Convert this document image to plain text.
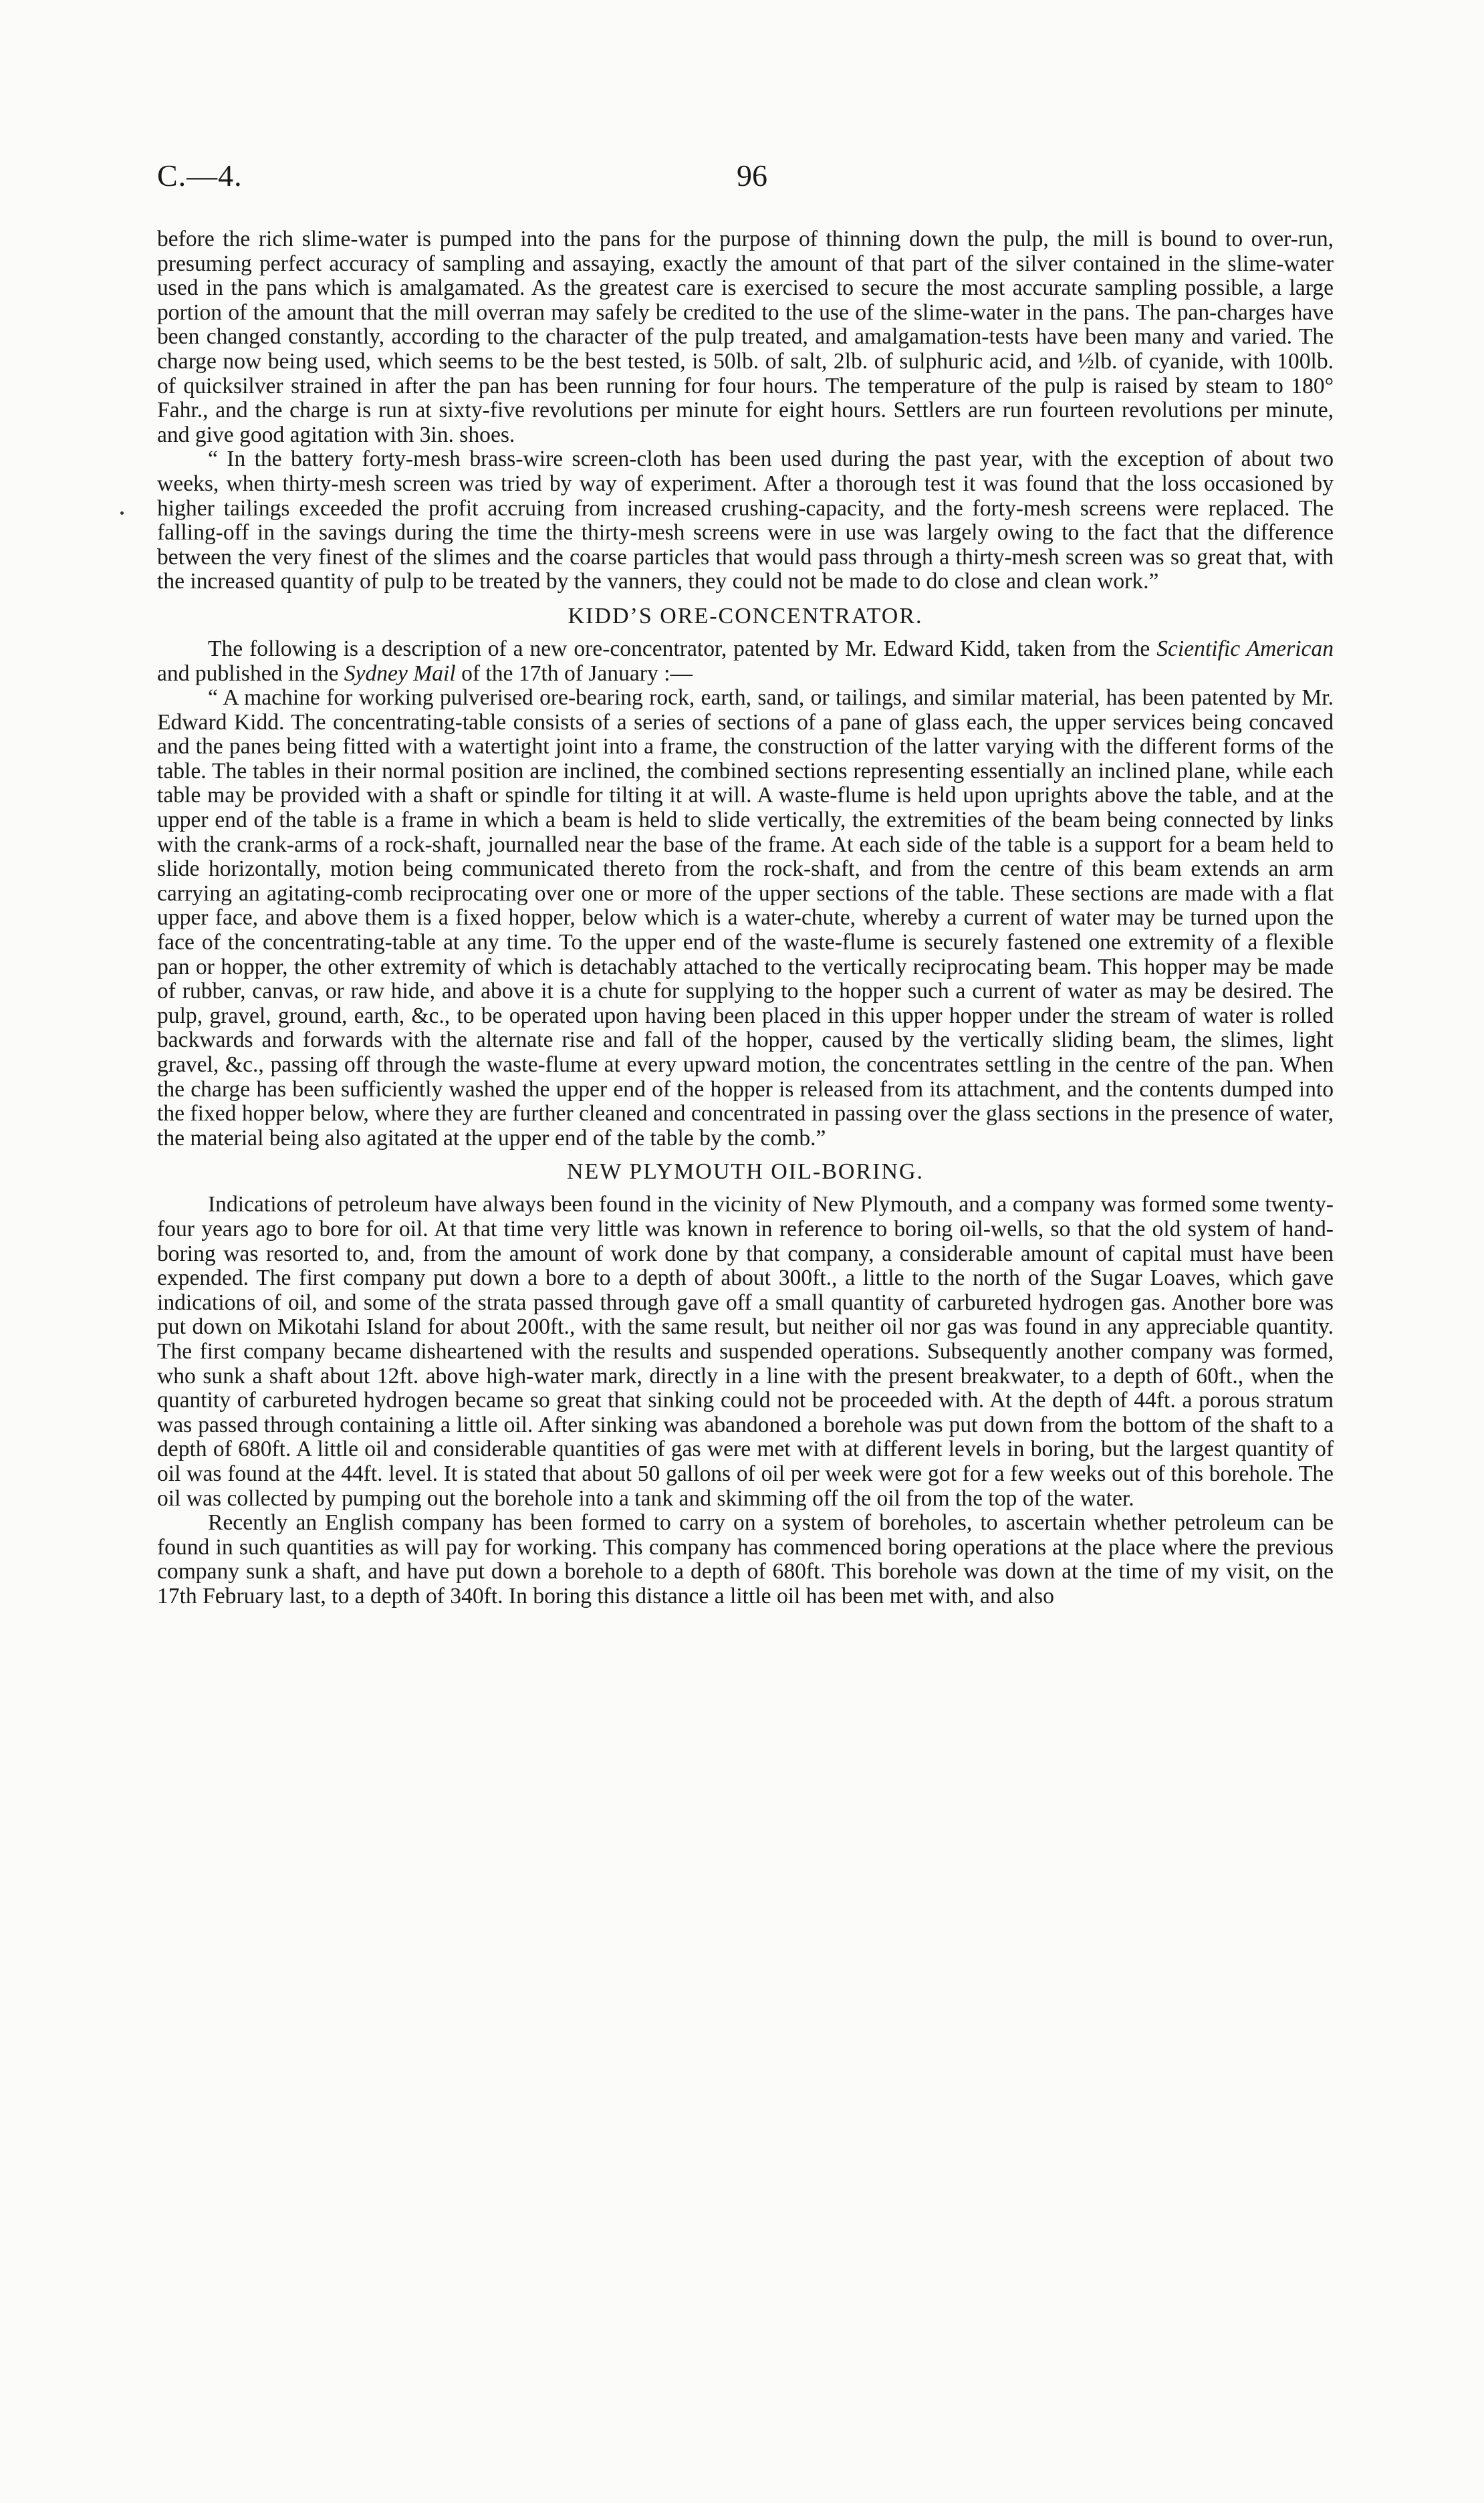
C.—4.	96

before the rich slime-water is pumped into the pans for the purpose of thinning down the pulp, the mill is bound to over-run, presuming perfect accuracy of sampling and assaying, exactly the amount of that part of the silver contained in the slime-water used in the pans which is amalgamated. As the greatest care is exercised to secure the most accurate sampling possible, a large portion of the amount that the mill overran may safely be credited to the use of the slime-water in the pans. The pan-charges have been changed constantly, according to the character of the pulp treated, and amalgamation-tests have been many and varied. The charge now being used, which seems to be the best tested, is 50lb. of salt, 2lb. of sulphuric acid, and ½lb. of cyanide, with 100lb. of quicksilver strained in after the pan has been running for four hours. The temperature of the pulp is raised by steam to 180° Fahr., and the charge is run at sixty-five revolutions per minute for eight hours. Settlers are run fourteen revolutions per minute, and give good agitation with 3in. shoes.

“ In the battery forty-mesh brass-wire screen-cloth has been used during the past year, with the exception of about two weeks, when thirty-mesh screen was tried by way of experiment. After a thorough test it was found that the loss occasioned by higher tailings exceeded the profit accruing from increased crushing-capacity, and the forty-mesh screens were replaced. The falling-off in the savings during the time the thirty-mesh screens were in use was largely owing to the fact that the difference between the very finest of the slimes and the coarse particles that would pass through a thirty-mesh screen was so great that, with the increased quantity of pulp to be treated by the vanners, they could not be made to do close and clean work.”

KIDD’S ORE-CONCENTRATOR.

The following is a description of a new ore-concentrator, patented by Mr. Edward Kidd, taken from the Scientific American and published in the Sydney Mail of the 17th of January :—

“ A machine for working pulverised ore-bearing rock, earth, sand, or tailings, and similar material, has been patented by Mr. Edward Kidd. The concentrating-table consists of a series of sections of a pane of glass each, the upper services being concaved and the panes being fitted with a watertight joint into a frame, the construction of the latter varying with the different forms of the table. The tables in their normal position are inclined, the combined sections representing essentially an inclined plane, while each table may be provided with a shaft or spindle for tilting it at will. A waste-flume is held upon uprights above the table, and at the upper end of the table is a frame in which a beam is held to slide vertically, the extremities of the beam being connected by links with the crank-arms of a rock-shaft, journalled near the base of the frame. At each side of the table is a support for a beam held to slide horizontally, motion being communicated thereto from the rock-shaft, and from the centre of this beam extends an arm carrying an agitating-comb reciprocating over one or more of the upper sections of the table. These sections are made with a flat upper face, and above them is a fixed hopper, below which is a water-chute, whereby a current of water may be turned upon the face of the concentrating-table at any time. To the upper end of the waste-flume is securely fastened one extremity of a flexible pan or hopper, the other extremity of which is detachably attached to the vertically reciprocating beam. This hopper may be made of rubber, canvas, or raw hide, and above it is a chute for supplying to the hopper such a current of water as may be desired. The pulp, gravel, ground, earth, &c., to be operated upon having been placed in this upper hopper under the stream of water is rolled backwards and forwards with the alternate rise and fall of the hopper, caused by the vertically sliding beam, the slimes, light gravel, &c., passing off through the waste-flume at every upward motion, the concentrates settling in the centre of the pan. When the charge has been sufficiently washed the upper end of the hopper is released from its attachment, and the contents dumped into the fixed hopper below, where they are further cleaned and concentrated in passing over the glass sections in the presence of water, the material being also agitated at the upper end of the table by the comb.”

NEW PLYMOUTH OIL-BORING.

Indications of petroleum have always been found in the vicinity of New Plymouth, and a company was formed some twenty-four years ago to bore for oil. At that time very little was known in reference to boring oil-wells, so that the old system of hand-boring was resorted to, and, from the amount of work done by that company, a considerable amount of capital must have been expended. The first company put down a bore to a depth of about 300ft., a little to the north of the Sugar Loaves, which gave indications of oil, and some of the strata passed through gave off a small quantity of carbureted hydrogen gas. Another bore was put down on Mikotahi Island for about 200ft., with the same result, but neither oil nor gas was found in any appreciable quantity. The first company became disheartened with the results and suspended operations. Subsequently another company was formed, who sunk a shaft about 12ft. above high-water mark, directly in a line with the present breakwater, to a depth of 60ft., when the quantity of carbureted hydrogen became so great that sinking could not be proceeded with. At the depth of 44ft. a porous stratum was passed through containing a little oil. After sinking was abandoned a borehole was put down from the bottom of the shaft to a depth of 680ft. A little oil and considerable quantities of gas were met with at different levels in boring, but the largest quantity of oil was found at the 44ft. level. It is stated that about 50 gallons of oil per week were got for a few weeks out of this borehole. The oil was collected by pumping out the borehole into a tank and skimming off the oil from the top of the water.

Recently an English company has been formed to carry on a system of boreholes, to ascertain whether petroleum can be found in such quantities as will pay for working. This company has commenced boring operations at the place where the previous company sunk a shaft, and have put down a borehole to a depth of 680ft. This borehole was down at the time of my visit, on the 17th February last, to a depth of 340ft. In boring this distance a little oil has been met with, and also
